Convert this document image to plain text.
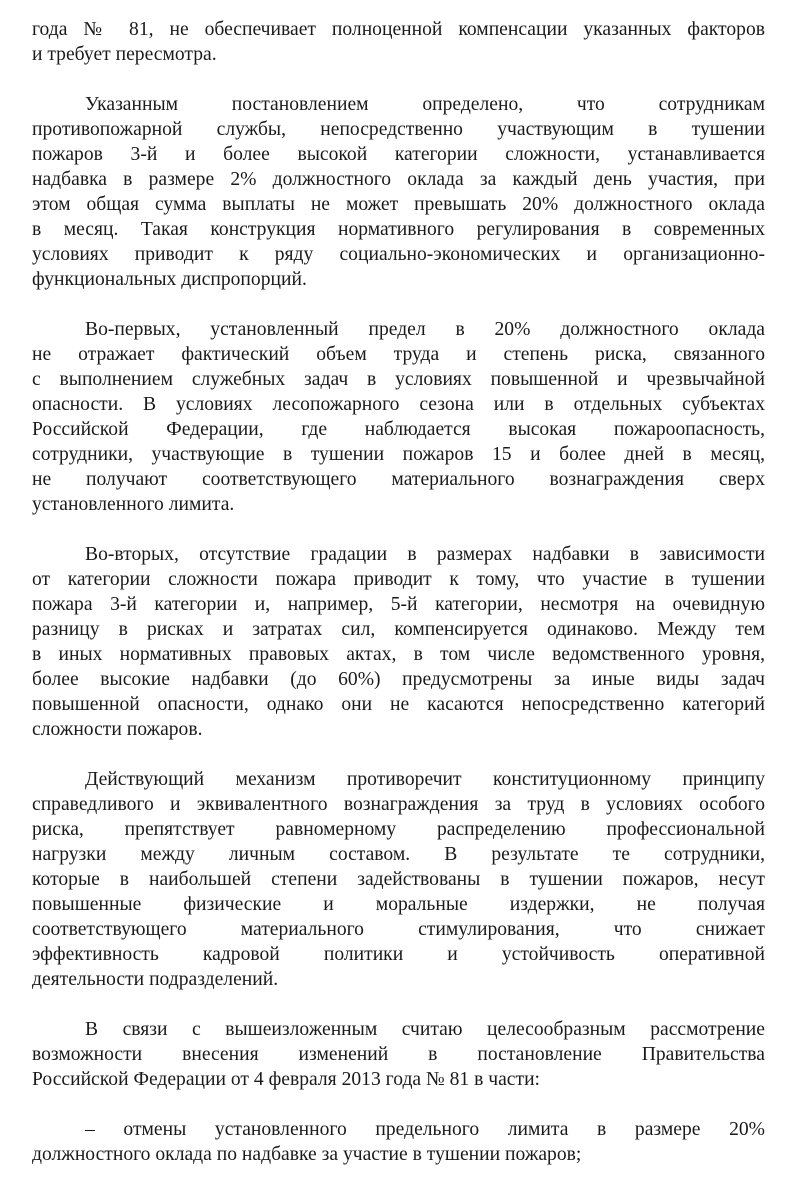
года № 81, не обеспечивает полноценной компенсации указанных факторов
и требует пересмотра.
Указанным постановлением определено, что сотрудникам
противопожарной службы, непосредственно участвующим в тушении
пожаров 3-й и более высокой категории сложности, устанавливается
надбавка в размере 2% должностного оклада за каждый день участия, при
этом общая сумма выплаты не может превышать 20% должностного оклада
в месяц. Такая конструкция нормативного регулирования в современных
условиях приводит к ряду социально-экономических и организационно-
функциональных диспропорций.
Во-первых, установленный предел в 20% должностного оклада
не отражает фактический объем труда и степень риска, связанного
с выполнением служебных задач в условиях повышенной и чрезвычайной
опасности. В условиях лесопожарного сезона или в отдельных субъектах
Российской Федерации, где наблюдается высокая пожароопасность,
сотрудники, участвующие в тушении пожаров 15 и более дней в месяц,
не получают соответствующего материального вознаграждения сверх
установленного лимита.
Во-вторых, отсутствие градации в размерах надбавки в зависимости
от категории сложности пожара приводит к тому, что участие в тушении
пожара 3-й категории и, например, 5-й категории, несмотря на очевидную
разницу в рисках и затратах сил, компенсируется одинаково. Между тем
в иных нормативных правовых актах, в том числе ведомственного уровня,
более высокие надбавки (до 60%) предусмотрены за иные виды задач
повышенной опасности, однако они не касаются непосредственно категорий
сложности пожаров.
Действующий механизм противоречит конституционному принципу
справедливого и эквивалентного вознаграждения за труд в условиях особого
риска, препятствует равномерному распределению профессиональной
нагрузки между личным составом. В результате те сотрудники,
которые в наибольшей степени задействованы в тушении пожаров, несут
повышенные физические и моральные издержки, не получая
соответствующего материального стимулирования, что снижает
эффективность кадровой политики и устойчивость оперативной
деятельности подразделений.
В связи с вышеизложенным считаю целесообразным рассмотрение
возможности внесения изменений в постановление Правительства
Российской Федерации от 4 февраля 2013 года № 81 в части:
– отмены установленного предельного лимита в размере 20%
должностного оклада по надбавке за участие в тушении пожаров;
